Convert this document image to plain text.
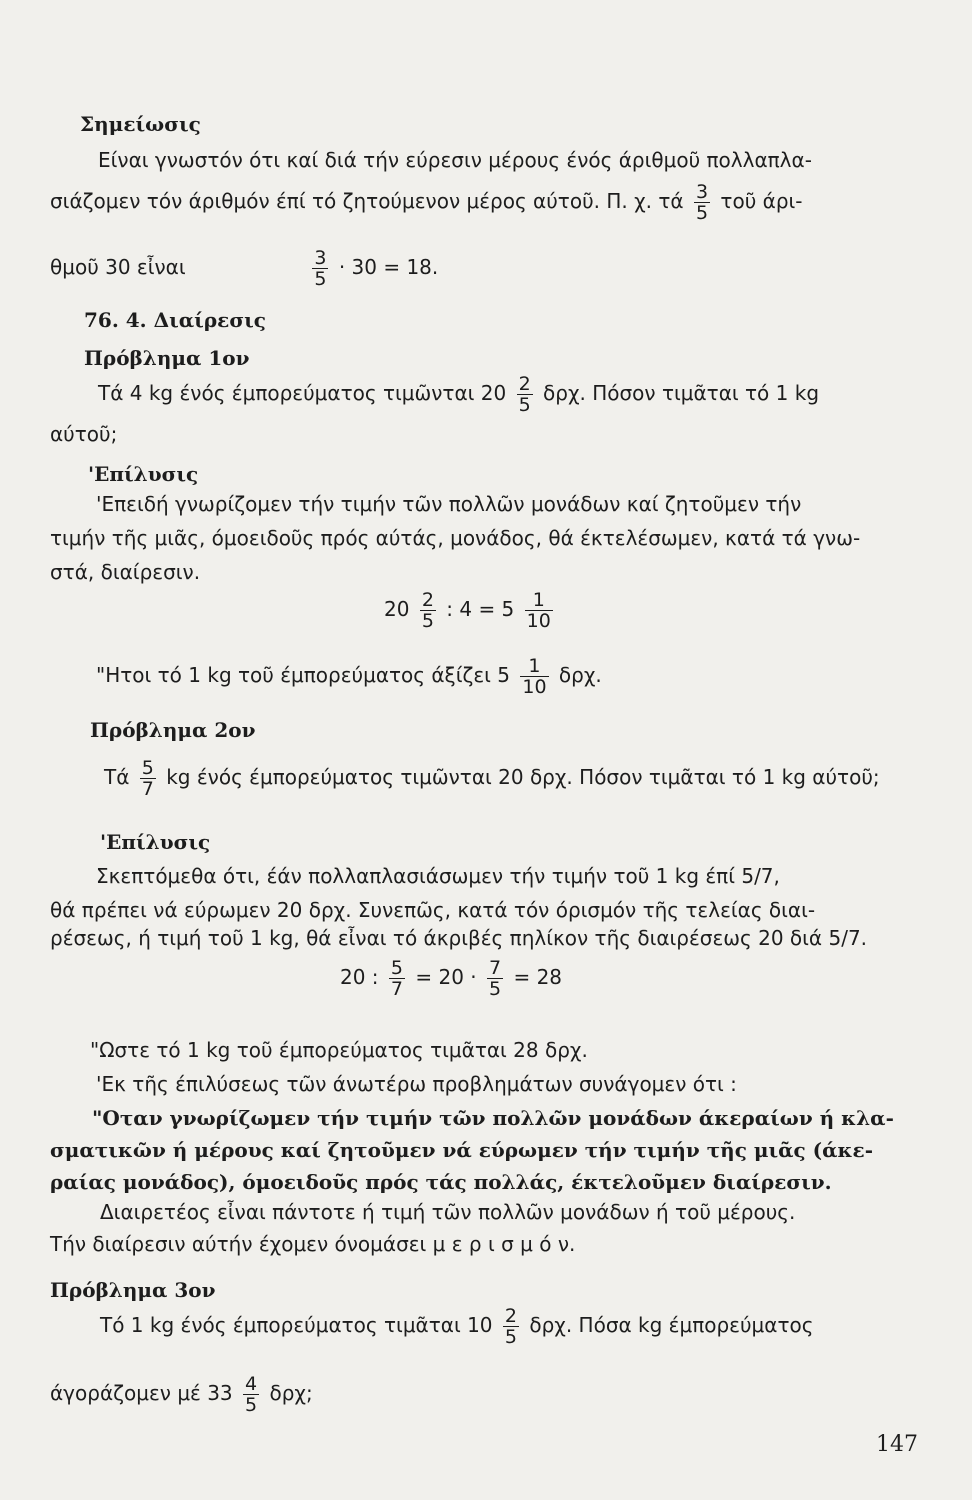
Σημείωσις
Είναι γνωστόν ότι καί διά τήν εύρεσιν μέρους ένός άριθμοῦ πολλαπλα-
σιάζομεν τόν άριθμόν έπί τό ζητούμενον μέρος αύτοῦ. Π. χ. τά $\frac{3}{5}$ τοῦ άρι-
θμοῦ 30 εἶναι	$\frac{3}{5} \cdot 30 = 18$.
76. 4. Διαίρεσις
Πρόβλημα 1ον
Τά 4 kg ένός έμπορεύματος τιμῶνται $20 \frac{2}{5} \delta\rho\chi$. Πόσον τιμᾶται τό 1 kg
αύτοῦ;
'Επίλυσις
'Επειδή γνωρίζομεν τήν τιμήν τῶν πολλῶν μονάδων καί ζητοῦμεν τήν
τιμήν τῆς μιᾶς, όμοειδοῦς πρός αύτάς, μονάδος, θά έκτελέσωμεν, κατά τά γνω-
στά, διαίρεσιν.
$20 \frac{2}{5}$ : $4 = 5 \frac{1}{10}$
"Ητοι τό 1 kg τοῦ έμπορεύματος άξίζει $5 \frac{1}{10} \delta\rho\chi$.
Πρόβλημα 2ον
Τά $\frac{5}{7}$ kg ένός έμπορεύματος τιμῶνται 20 δρχ. Πόσον τιμᾶται τό 1 kg αύτοῦ;
'Επίλυσις
Σκεπτόμεθα ότι, έάν πολλαπλασιάσωμεν τήν τιμήν τοῦ 1 kg έπί 5/7,
θά πρέπει νά εύρωμεν 20 δρχ. Συνεπῶς, κατά τόν όρισμόν τῆς τελείας διαι-
ρέσεως, ή τιμή τοῦ 1 kg, θά εἶναι τό άκριβές πηλίκον τῆς διαιρέσεως 20 διά 5/7.
20 : $\frac{5}{7} = 20 \cdot \frac{7}{5} = 28$
"Ωστε τό 1 kg τοῦ έμπορεύματος τιμᾶται 28 δρχ.
'Εκ τῆς έπιλύσεως τῶν άνωτέρω προβλημάτων συνάγομεν ότι :
"Οταν γνωρίζωμεν τήν τιμήν τῶν πολλῶν μονάδων άκεραίων ή κλα-
σματικῶν ή μέρους καί ζητοῦμεν νά εύρωμεν τήν τιμήν τῆς μιᾶς (άκε-
ραίας μονάδος), όμοειδοῦς πρός τάς πολλάς, έκτελοῦμεν διαίρεσιν.
Διαιρετέος εἶναι πάντοτε ή τιμή τῶν πολλῶν μονάδων ή τοῦ μέρους.
Τήν διαίρεσιν αύτήν έχομεν όνομάσει μ ε ρ ι σ μ ό ν.
Πρόβλημα 3ον
Τό 1 kg ένός έμπορεύματος τιμᾶται $10 \frac{2}{5} \delta\rho\chi$. Πόσα kg έμπορεύματος
άγοράζομεν μέ $33 \frac{4}{5} \delta\rho\chi$;
147
